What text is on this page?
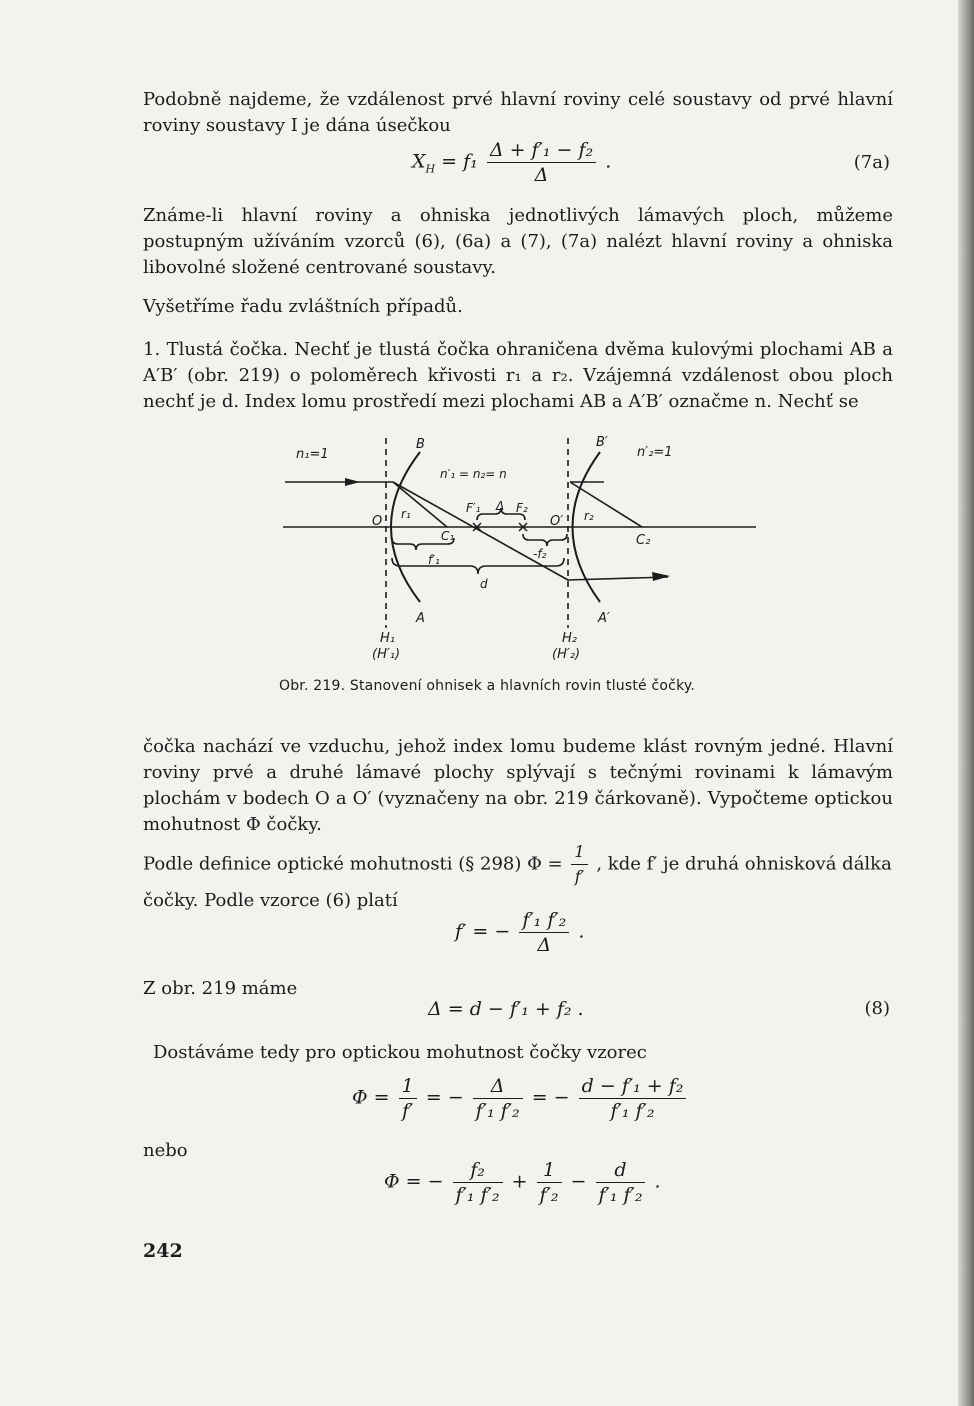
Podobně najdeme, že vzdálenost prvé hlavní roviny celé soustavy od prvé hlavní roviny soustavy I je dána úsečkou
$X_H = f_1 \frac{\text{Δ + f′₁ − f₂}}{\Delta}$ .	(7a)
Známe-li hlavní roviny a ohniska jednotlivých lámavých ploch, můžeme postupným užíváním vzorců (6), (6a) a (7), (7a) nalézt hlavní roviny a ohniska libovolné složené centrované soustavy.
Vyšetříme řadu zvláštních případů.
1. Tlustá čočka. Nechť je tlustá čočka ohraničena dvěma kulovými plochami AB a A′B′ (obr. 219) o poloměrech křivosti r₁ a r₂. Vzájemná vzdálenost obou ploch nechť je d. Index lomu prostředí mezi plochami AB a A′B′ označme n. Nechť se
n₁=1	n′₂=1
n′₁ = n₂= n
B	B′
A	A′
O	O′
r₁	r₂
F′₁ Δ F₂
C₁	C₂
f′₁	-f₂
d
H₁
(H′₁)
H₂
(H′₂)
Obr. 219. Stanovení ohnisek a hlavních rovin tlusté čočky.
čočka nachází ve vzduchu, jehož index lomu budeme klást rovným jedné. Hlavní roviny prvé a druhé lámavé plochy splývají s tečnými rovinami k lámavým plochám v bodech O a O′ (vyznačeny na obr. 219 čárkovaně). Vypočteme optickou mohutnost Φ čočky.
Podle definice optické mohutnosti (§ 298) $\Phi = \frac{1}{f'}$ , kde f′ je druhá ohnisková dálka
čočky. Podle vzorce (6) platí
f′ = − $\frac{\text{f′₁ f′₂}}{\Delta}$ .
Z obr. 219 máme
Δ = d − f′₁ + f₂ .	(8)
Dostáváme tedy pro optickou mohutnost čočky vzorec
$\Phi = \frac{1}{f'}$ = − $\frac{\Delta}{\text{f′₁ f′₂}}$ = − $\frac{\text{d − f′₁ + f₂}}{\text{f′₁ f′₂}}$
nebo
Φ = − $\frac{\text{f₂}}{\text{f′₁ f′₂}} + \frac{1}{\text{f′₂}} - \frac{d}{\text{f′₁ f′₂}}$ .
242
